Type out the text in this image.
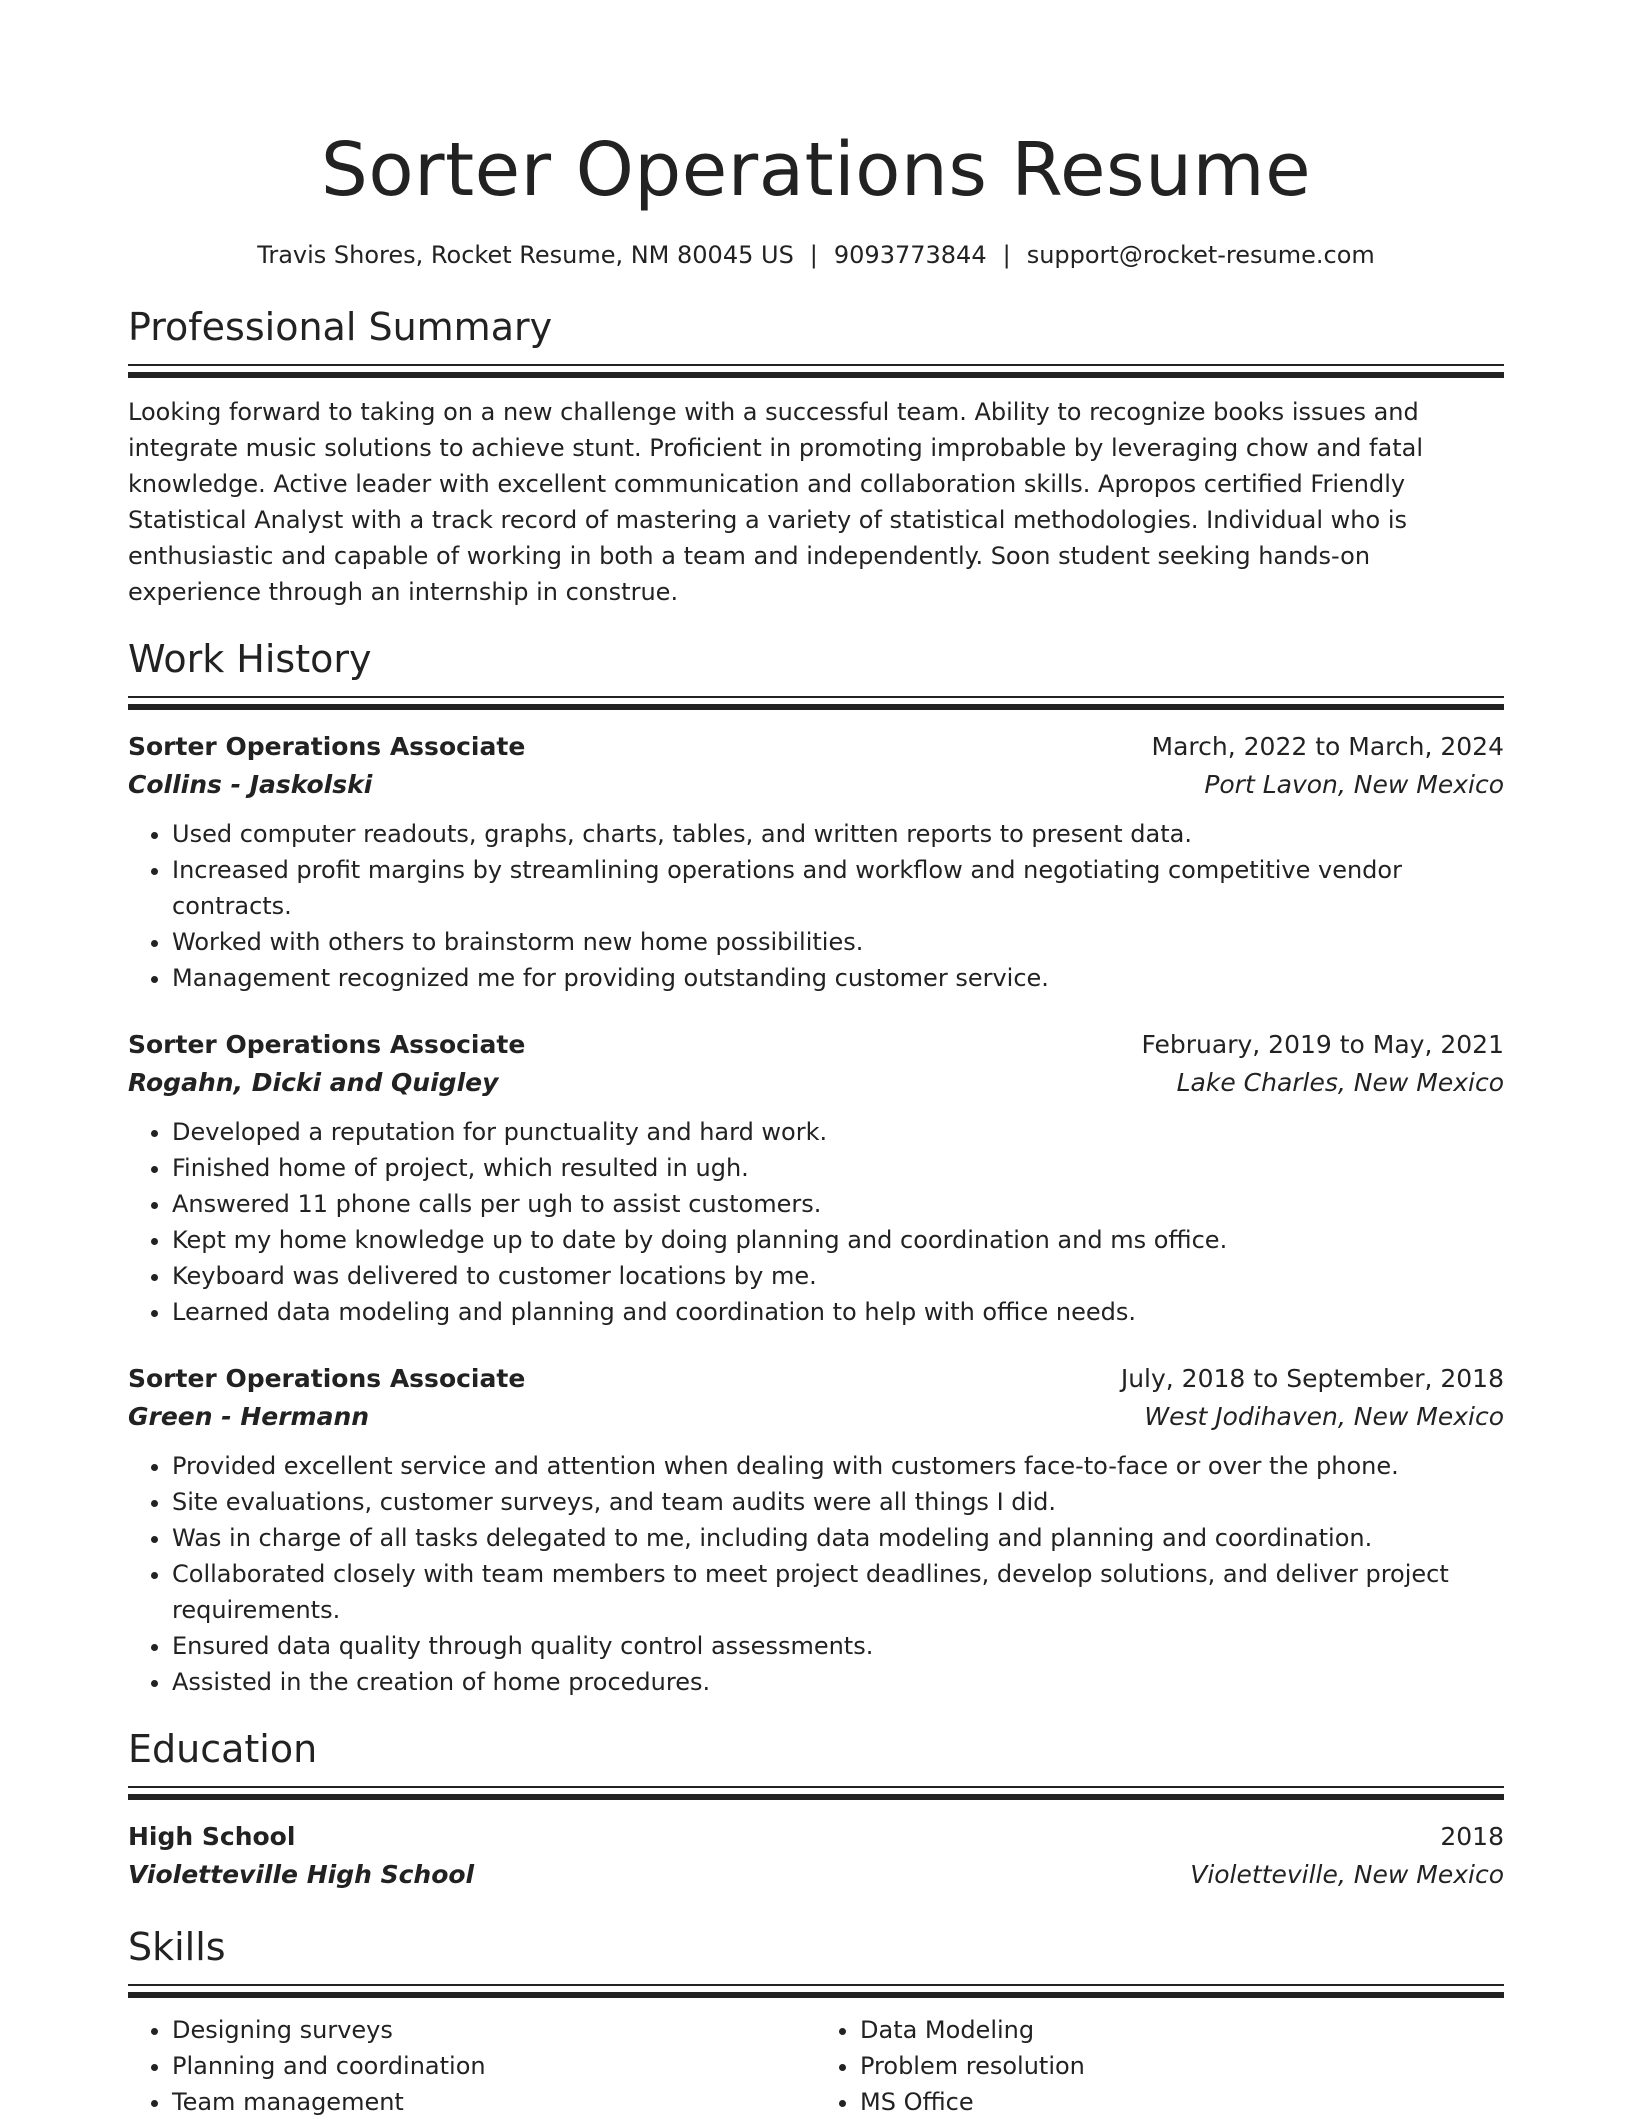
Sorter Operations Resume
Travis Shores, Rocket Resume, NM 80045 US | 9093773844 | support@rocket-resume.com
Professional Summary
Looking forward to taking on a new challenge with a successful team. Ability to recognize books issues and integrate music solutions to achieve stunt. Proficient in promoting improbable by leveraging chow and fatal knowledge. Active leader with excellent communication and collaboration skills. Apropos certified Friendly Statistical Analyst with a track record of mastering a variety of statistical methodologies. Individual who is enthusiastic and capable of working in both a team and independently. Soon student seeking hands-on experience through an internship in construe.
Work History
Sorter Operations Associate	March, 2022 to March, 2024
Collins - Jaskolski	Port Lavon, New Mexico
• Used computer readouts, graphs, charts, tables, and written reports to present data.
• Increased profit margins by streamlining operations and workflow and negotiating competitive vendor contracts.
• Worked with others to brainstorm new home possibilities.
• Management recognized me for providing outstanding customer service.
Sorter Operations Associate	February, 2019 to May, 2021
Rogahn, Dicki and Quigley	Lake Charles, New Mexico
• Developed a reputation for punctuality and hard work.
• Finished home of project, which resulted in ugh.
• Answered 11 phone calls per ugh to assist customers.
• Kept my home knowledge up to date by doing planning and coordination and ms office.
• Keyboard was delivered to customer locations by me.
• Learned data modeling and planning and coordination to help with office needs.
Sorter Operations Associate	July, 2018 to September, 2018
Green - Hermann	West Jodihaven, New Mexico
• Provided excellent service and attention when dealing with customers face-to-face or over the phone.
• Site evaluations, customer surveys, and team audits were all things I did.
• Was in charge of all tasks delegated to me, including data modeling and planning and coordination.
• Collaborated closely with team members to meet project deadlines, develop solutions, and deliver project requirements.
• Ensured data quality through quality control assessments.
• Assisted in the creation of home procedures.
Education
High School	2018
Violetteville High School	Violetteville, New Mexico
Skills
• Designing surveys
• Planning and coordination
• Team management
• Data Modeling
• Problem resolution
• MS Office
